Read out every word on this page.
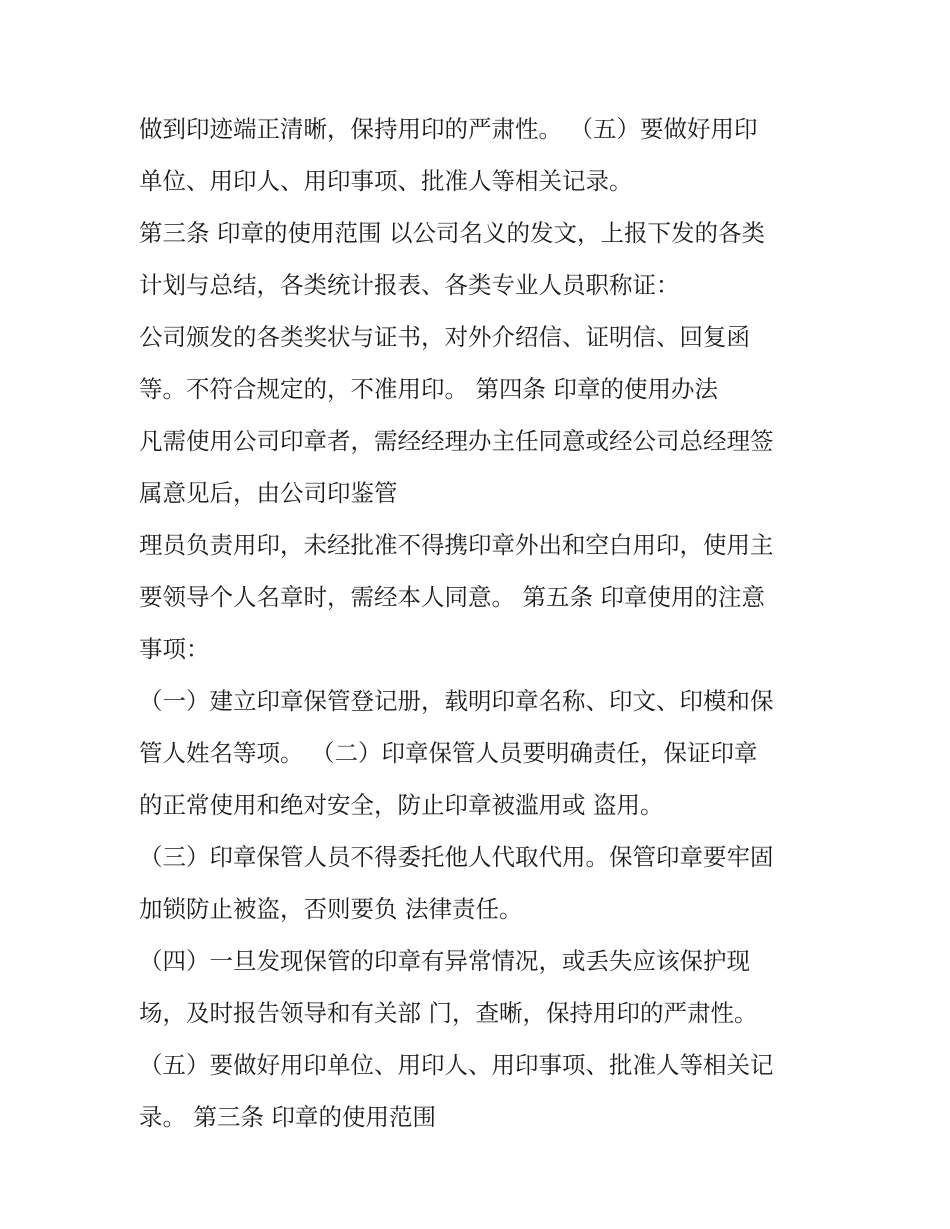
做到印迹端正清晰，保持用印的严肃性。 （五）要做好用印
单位、用印人、用印事项、批准人等相关记录。
第三条 印章的使用范围 以公司名义的发文，上报下发的各类
计划与总结，各类统计报表、各类专业人员职称证：
公司颁发的各类奖状与证书，对外介绍信、证明信、回复函
等。不符合规定的，不准用印。 第四条 印章的使用办法
凡需使用公司印章者，需经经理办主任同意或经公司总经理签
属意见后，由公司印鉴管
理员负责用印，未经批准不得携印章外出和空白用印，使用主
要领导个人名章时，需经本人同意。 第五条 印章使用的注意
事项：
（一）建立印章保管登记册，载明印章名称、印文、印模和保
管人姓名等项。 （二）印章保管人员要明确责任，保证印章
的正常使用和绝对安全，防止印章被滥用或 盗用。
（三）印章保管人员不得委托他人代取代用。保管印章要牢固
加锁防止被盗，否则要负 法律责任。
（四）一旦发现保管的印章有异常情况，或丢失应该保护现
场，及时报告领导和有关部 门，查晰，保持用印的严肃性。
（五）要做好用印单位、用印人、用印事项、批准人等相关记
录。 第三条 印章的使用范围
